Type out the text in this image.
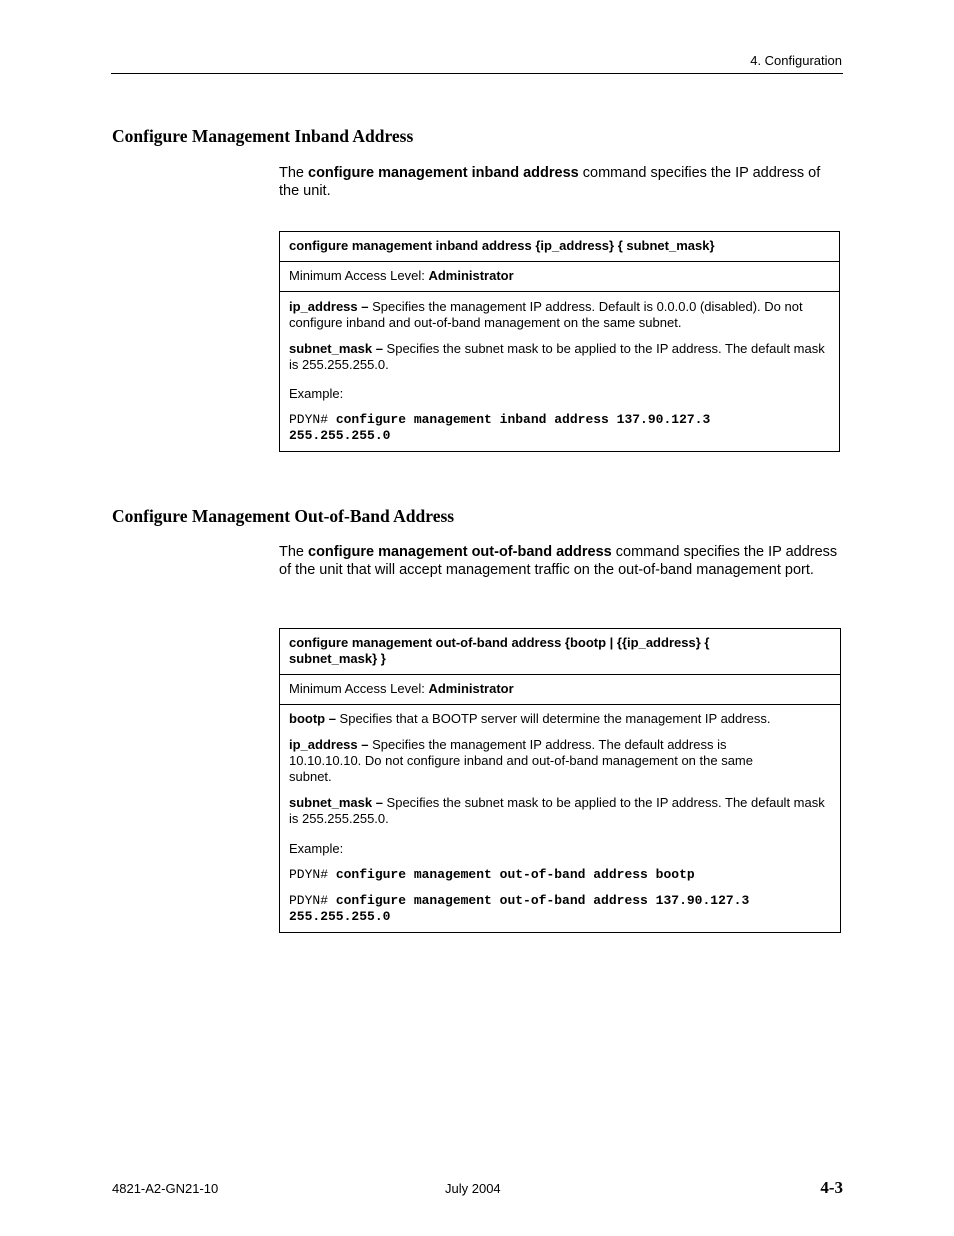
4. Configuration
Configure Management Inband Address

The configure management inband address command specifies the IP address of the unit.

configure management inband address {ip_address} { subnet_mask}
Minimum Access Level: Administrator

ip_address – Specifies the management IP address. Default is 0.0.0.0 (disabled). Do not configure inband and out-of-band management on the same subnet.

subnet_mask – Specifies the subnet mask to be applied to the IP address. The default mask is 255.255.255.0.

Example:

PDYN# configure management inband address 137.90.127.3
255.255.255.0
Configure Management Out-of-Band Address

The configure management out-of-band address command specifies the IP address of the unit that will accept management traffic on the out-of-band management port.

configure management out-of-band address {bootp | {{ip_address} { subnet_mask} }
Minimum Access Level: Administrator

bootp – Specifies that a BOOTP server will determine the management IP address.

ip_address – Specifies the management IP address. The default address is 10.10.10.10. Do not configure inband and out-of-band management on the same subnet.

subnet_mask – Specifies the subnet mask to be applied to the IP address. The default mask is 255.255.255.0.

Example:

PDYN# configure management out-of-band address bootp
PDYN# configure management out-of-band address 137.90.127.3
255.255.255.0
4821-A2-GN21-10	July 2004	4-3
